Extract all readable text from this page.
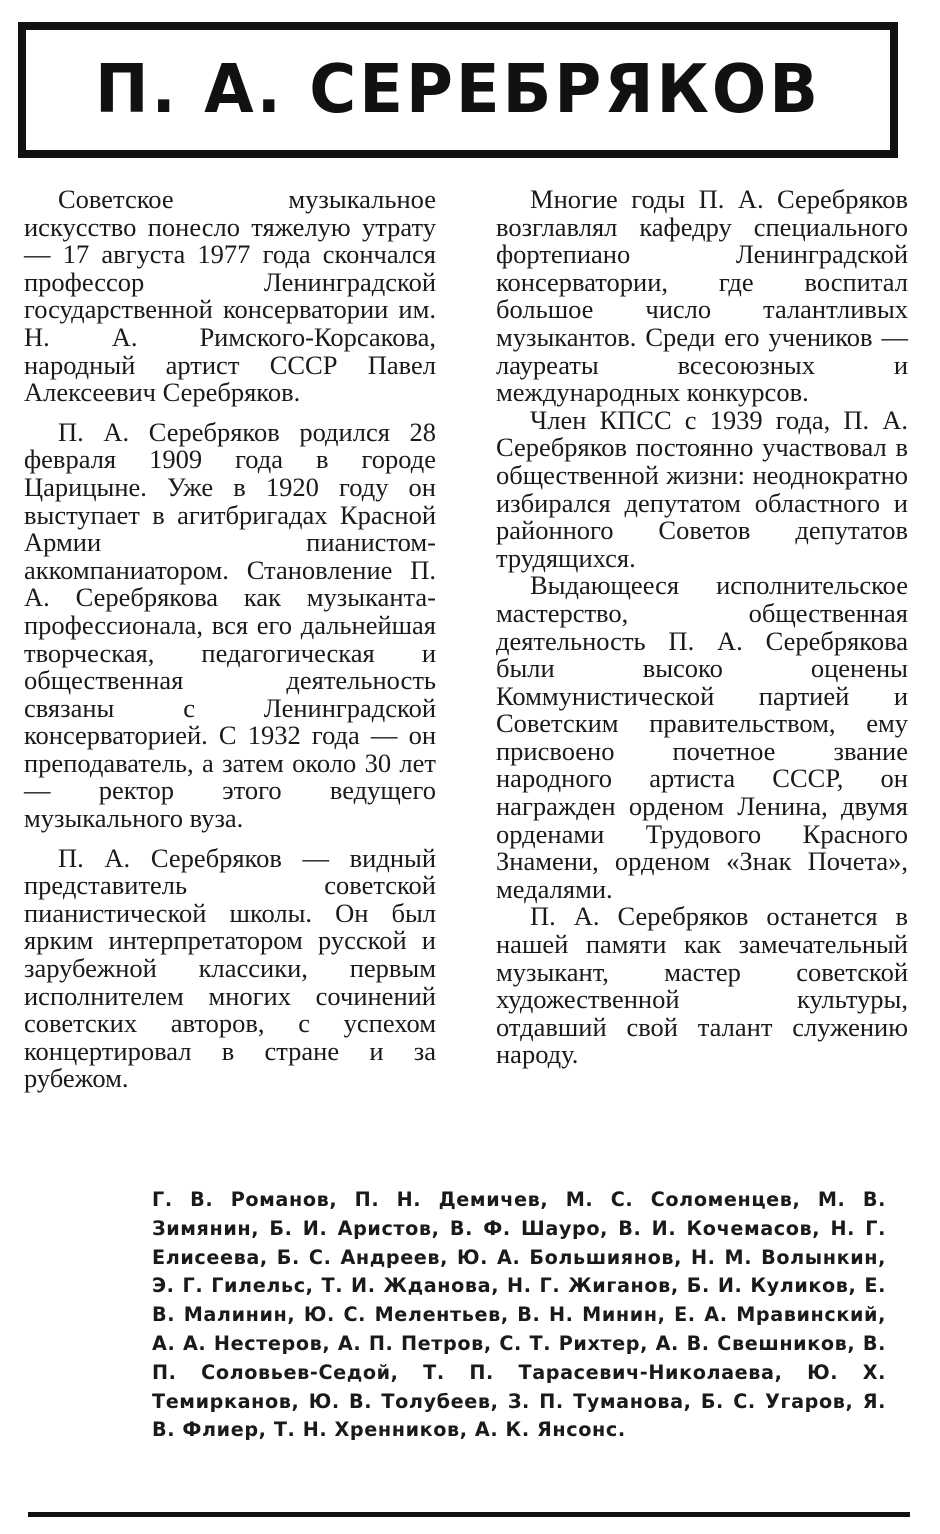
П. А. СЕРЕБРЯКОВ

Советское музыкальное искусство понесло тяжелую утрату — 17 августа 1977 года скончался профессор Ленинградской государственной консерватории им. Н. А. Римского-Корсакова, народный артист СССР Павел Алексеевич Серебряков.

П. А. Серебряков родился 28 февраля 1909 года в городе Царицыне. Уже в 1920 году он выступает в агитбригадах Красной Армии пианистом-аккомпаниатором. Становление П. А. Серебрякова как музыканта-профессионала, вся его дальнейшая творческая, педагогическая и общественная деятельность связаны с Ленинградской консерваторией. С 1932 года — он преподаватель, а затем около 30 лет — ректор этого ведущего музыкального вуза.

П. А. Серебряков — видный представитель советской пианистической школы. Он был ярким интерпретатором русской и зарубежной классики, первым исполнителем многих сочинений советских авторов, с успехом концертировал в стране и за рубежом.

Многие годы П. А. Серебряков возглавлял кафедру специального фортепиано Ленинградской консерватории, где воспитал большое число талантливых музыкантов. Среди его учеников — лауреаты всесоюзных и международных конкурсов.

Член КПСС с 1939 года, П. А. Серебряков постоянно участвовал в общественной жизни: неоднократно избирался депутатом областного и районного Советов депутатов трудящихся.

Выдающееся исполнительское мастерство, общественная деятельность П. А. Серебрякова были высоко оценены Коммунистической партией и Советским правительством, ему присвоено почетное звание народного артиста СССР, он награжден орденом Ленина, двумя орденами Трудового Красного Знамени, орденом «Знак Почета», медалями.

П. А. Серебряков останется в нашей памяти как замечательный музыкант, мастер советской художественной культуры, отдавший свой талант служению народу.

Г. В. Романов, П. Н. Демичев, М. С. Соломенцев, М. В. Зимянин, Б. И. Аристов, В. Ф. Шауро, В. И. Кочемасов, Н. Г. Елисеева, Б. С. Андреев, Ю. А. Большиянов, Н. М. Волынкин, Э. Г. Гилельс, Т. И. Жданова, Н. Г. Жиганов, Б. И. Куликов, Е. В. Малинин, Ю. С. Мелентьев, В. Н. Минин, Е. А. Мравинский, А. А. Нестеров, А. П. Петров, С. Т. Рихтер, А. В. Свешников, В. П. Соловьев-Седой, Т. П. Тарасевич-Николаева, Ю. Х. Темирканов, Ю. В. Толубеев, З. П. Туманова, Б. С. Угаров, Я. В. Флиер, Т. Н. Хренников, А. К. Янсонс.
